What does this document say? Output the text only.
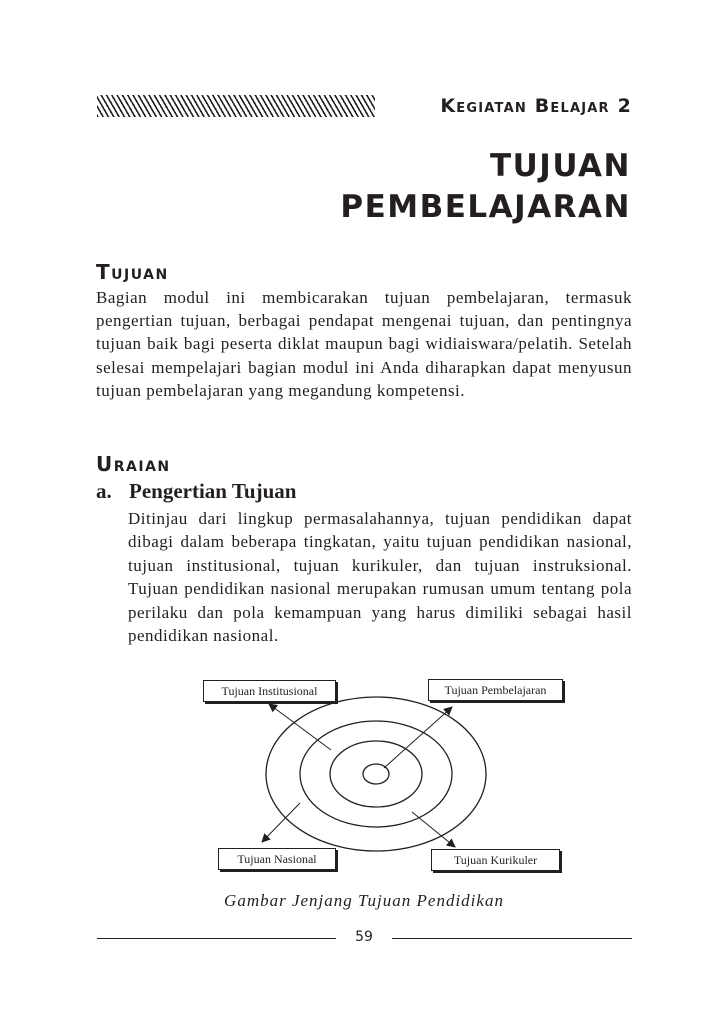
Kegiatan Belajar 2
TUJUAN
PEMBELAJARAN
Tujuan

Bagian modul ini membicarakan tujuan pembelajaran, termasuk pengertian tujuan, berbagai pendapat mengenai tujuan, dan pentingnya tujuan baik bagi peserta diklat maupun bagi widiaiswara/pelatih. Setelah selesai mempelajari bagian modul ini Anda diharapkan dapat menyusun tujuan pembelajaran yang megandung kompetensi.

Uraian
a. Pengertian Tujuan

Ditinjau dari lingkup permasalahannya, tujuan pendidikan dapat dibagi dalam beberapa tingkatan, yaitu tujuan pendidikan nasional, tujuan institusional, tujuan kurikuler, dan tujuan instruksional. Tujuan pendidikan nasional merupakan rumusan umum tentang pola perilaku dan pola kemampuan yang harus dimiliki sebagai hasil pendidikan nasional.

Tujuan Institusional	Tujuan Pembelajaran
Tujuan Nasional	Tujuan Kurikuler
Gambar Jenjang Tujuan Pendidikan
59
